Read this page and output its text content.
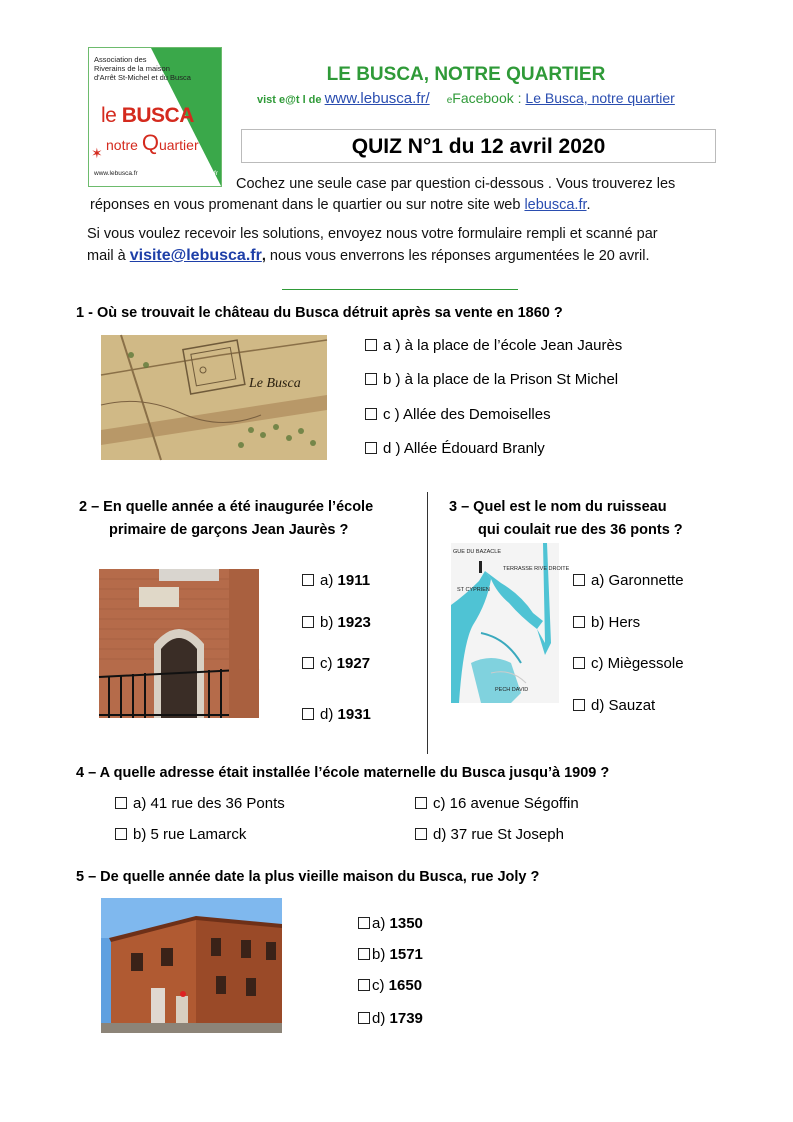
Association des
Riverains de la maison
d'Arrêt St-Michel et du Busca
le BUSCA
notre Quartier
✶
www.lebusca.fr	contact@lebusca.fr
LE BUSCA, NOTRE QUARTIER
vist e@t l de www.lebusca.fr/ eFacebook : Le Busca, notre quartier
QUIZ N°1 du 12 avril 2020
Cochez une seule case par question ci-dessous . Vous trouverez les
réponses en vous promenant dans le quartier ou sur notre site web lebusca.fr.
Si vous voulez recevoir les solutions, envoyez nous votre formulaire rempli et scanné par
mail à visite@lebusca.fr, nous vous enverrons les réponses argumentées le 20 avril.
1 - Où se trouvait le château du Busca détruit après sa vente en 1860 ?
Le Busca
a ) à la place de l’école Jean Jaurès
b ) à la place de la Prison St Michel
c ) Allée des Demoiselles
d ) Allée Édouard Branly
2 – En quelle année a été inaugurée l’école
primaire de garçons Jean Jaurès ?
a) 1911
b) 1923
c) 1927
d) 1931
3 – Quel est le nom du ruisseau
qui coulait rue des 36 ponts ?
GUE DU BAZACLE
TERRASSE RIVE DROITE
ST CYPRIEN
PECH DAVID
a) Garonnette
b) Hers
c) Miègessole
d) Sauzat
4 – A quelle adresse était installée l’école maternelle du Busca jusqu’à 1909 ?
a) 41 rue des 36 Ponts	c) 16 avenue Ségoffin
b) 5 rue Lamarck	d) 37 rue St Joseph
5 – De quelle année date la plus vieille maison du Busca, rue Joly ?
a) 1350
b) 1571
c) 1650
d) 1739
